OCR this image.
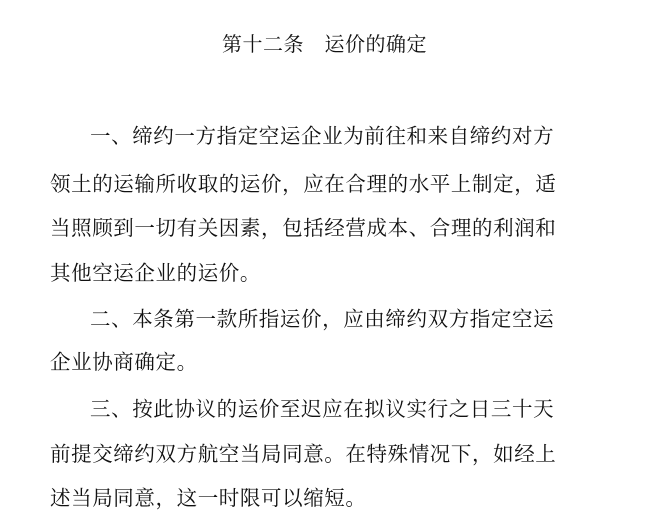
第十二条　运价的确定
一、缔约一方指定空运企业为前往和来自缔约对方
领土的运输所收取的运价，应在合理的水平上制定，适
当照顾到一切有关因素，包括经营成本、合理的利润和
其他空运企业的运价。
二、本条第一款所指运价，应由缔约双方指定空运
企业协商确定。
三、按此协议的运价至迟应在拟议实行之日三十天
前提交缔约双方航空当局同意。在特殊情况下，如经上
述当局同意，这一时限可以缩短。
